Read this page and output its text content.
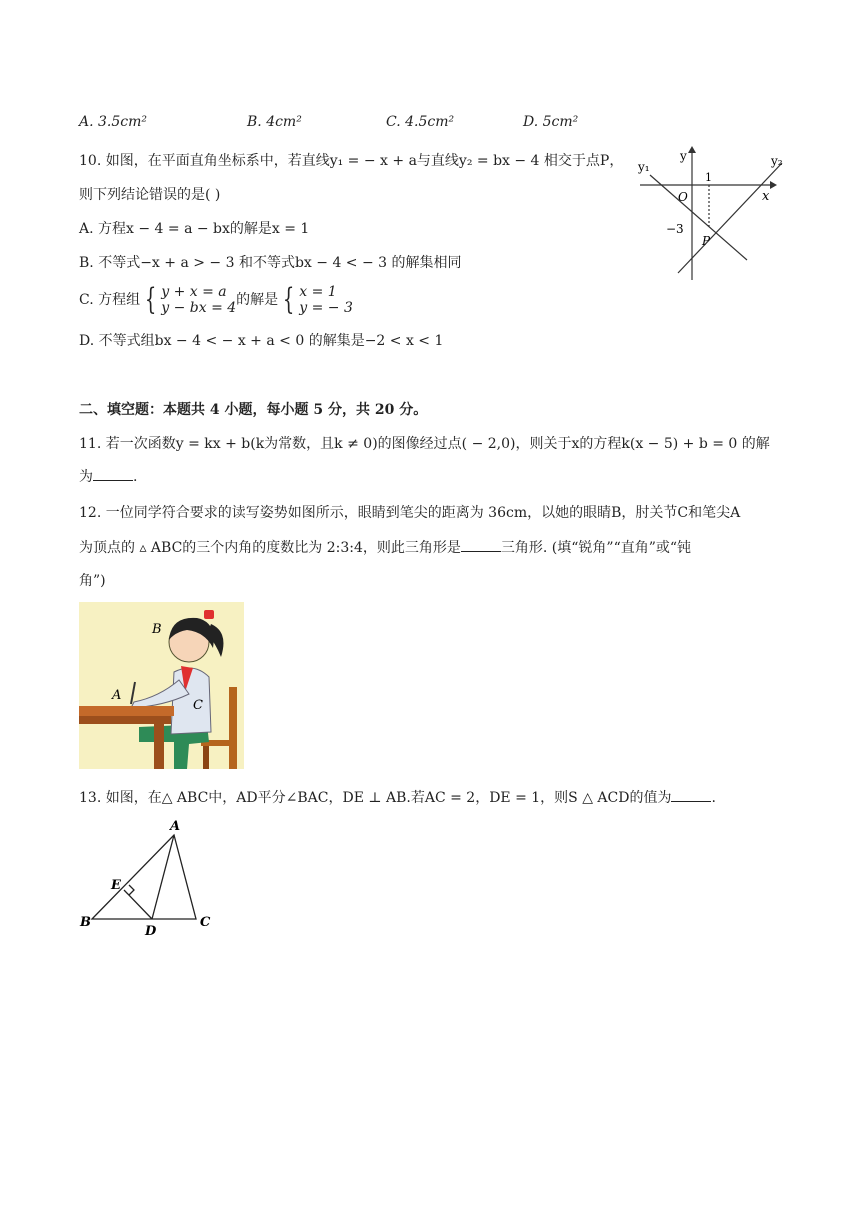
A. 3.5cm²	B. 4cm²	C. 4.5cm²	D. 5cm²
10. 如图，在平面直角坐标系中，若直线y₁ = − x + a与直线y₂ = bx − 4 相交于点P，
则下列结论错误的是( )
A. 方程x − 4 = a − bx的解是x = 1
B. 不等式−x + a > − 3 和不等式bx − 4 < − 3 的解集相同
C. 方程组 { y + x = a
y − bx = 4的解是 { x = 1
y = − 3
D. 不等式组bx − 4 < − x + a < 0 的解集是−2 < x < 1
y₁
y	y₂
O
1
x
−3
P
二、填空题：本题共 4 小题，每小题 5 分，共 20 分。
11. 若一次函数y = kx + b(k为常数，且k ≠ 0)的图像经过点( − 2,0)，则关于x的方程k(x − 5) + b = 0 的解
为	.
12. 一位同学符合要求的读写姿势如图所示，眼睛到笔尖的距离为 36cm，以她的眼睛B，肘关节C和笔尖A
为顶点的 ▵ ABC的三个内角的度数比为 2:3:4，则此三角形是	三角形. (填“锐角”“直角”或“钝
角”)
B
A
C
13. 如图，在△ ABC中，AD平分∠BAC，DE ⊥ AB.若AC = 2，DE = 1，则S △ ACD的值为	.
A
E
B
D
C
